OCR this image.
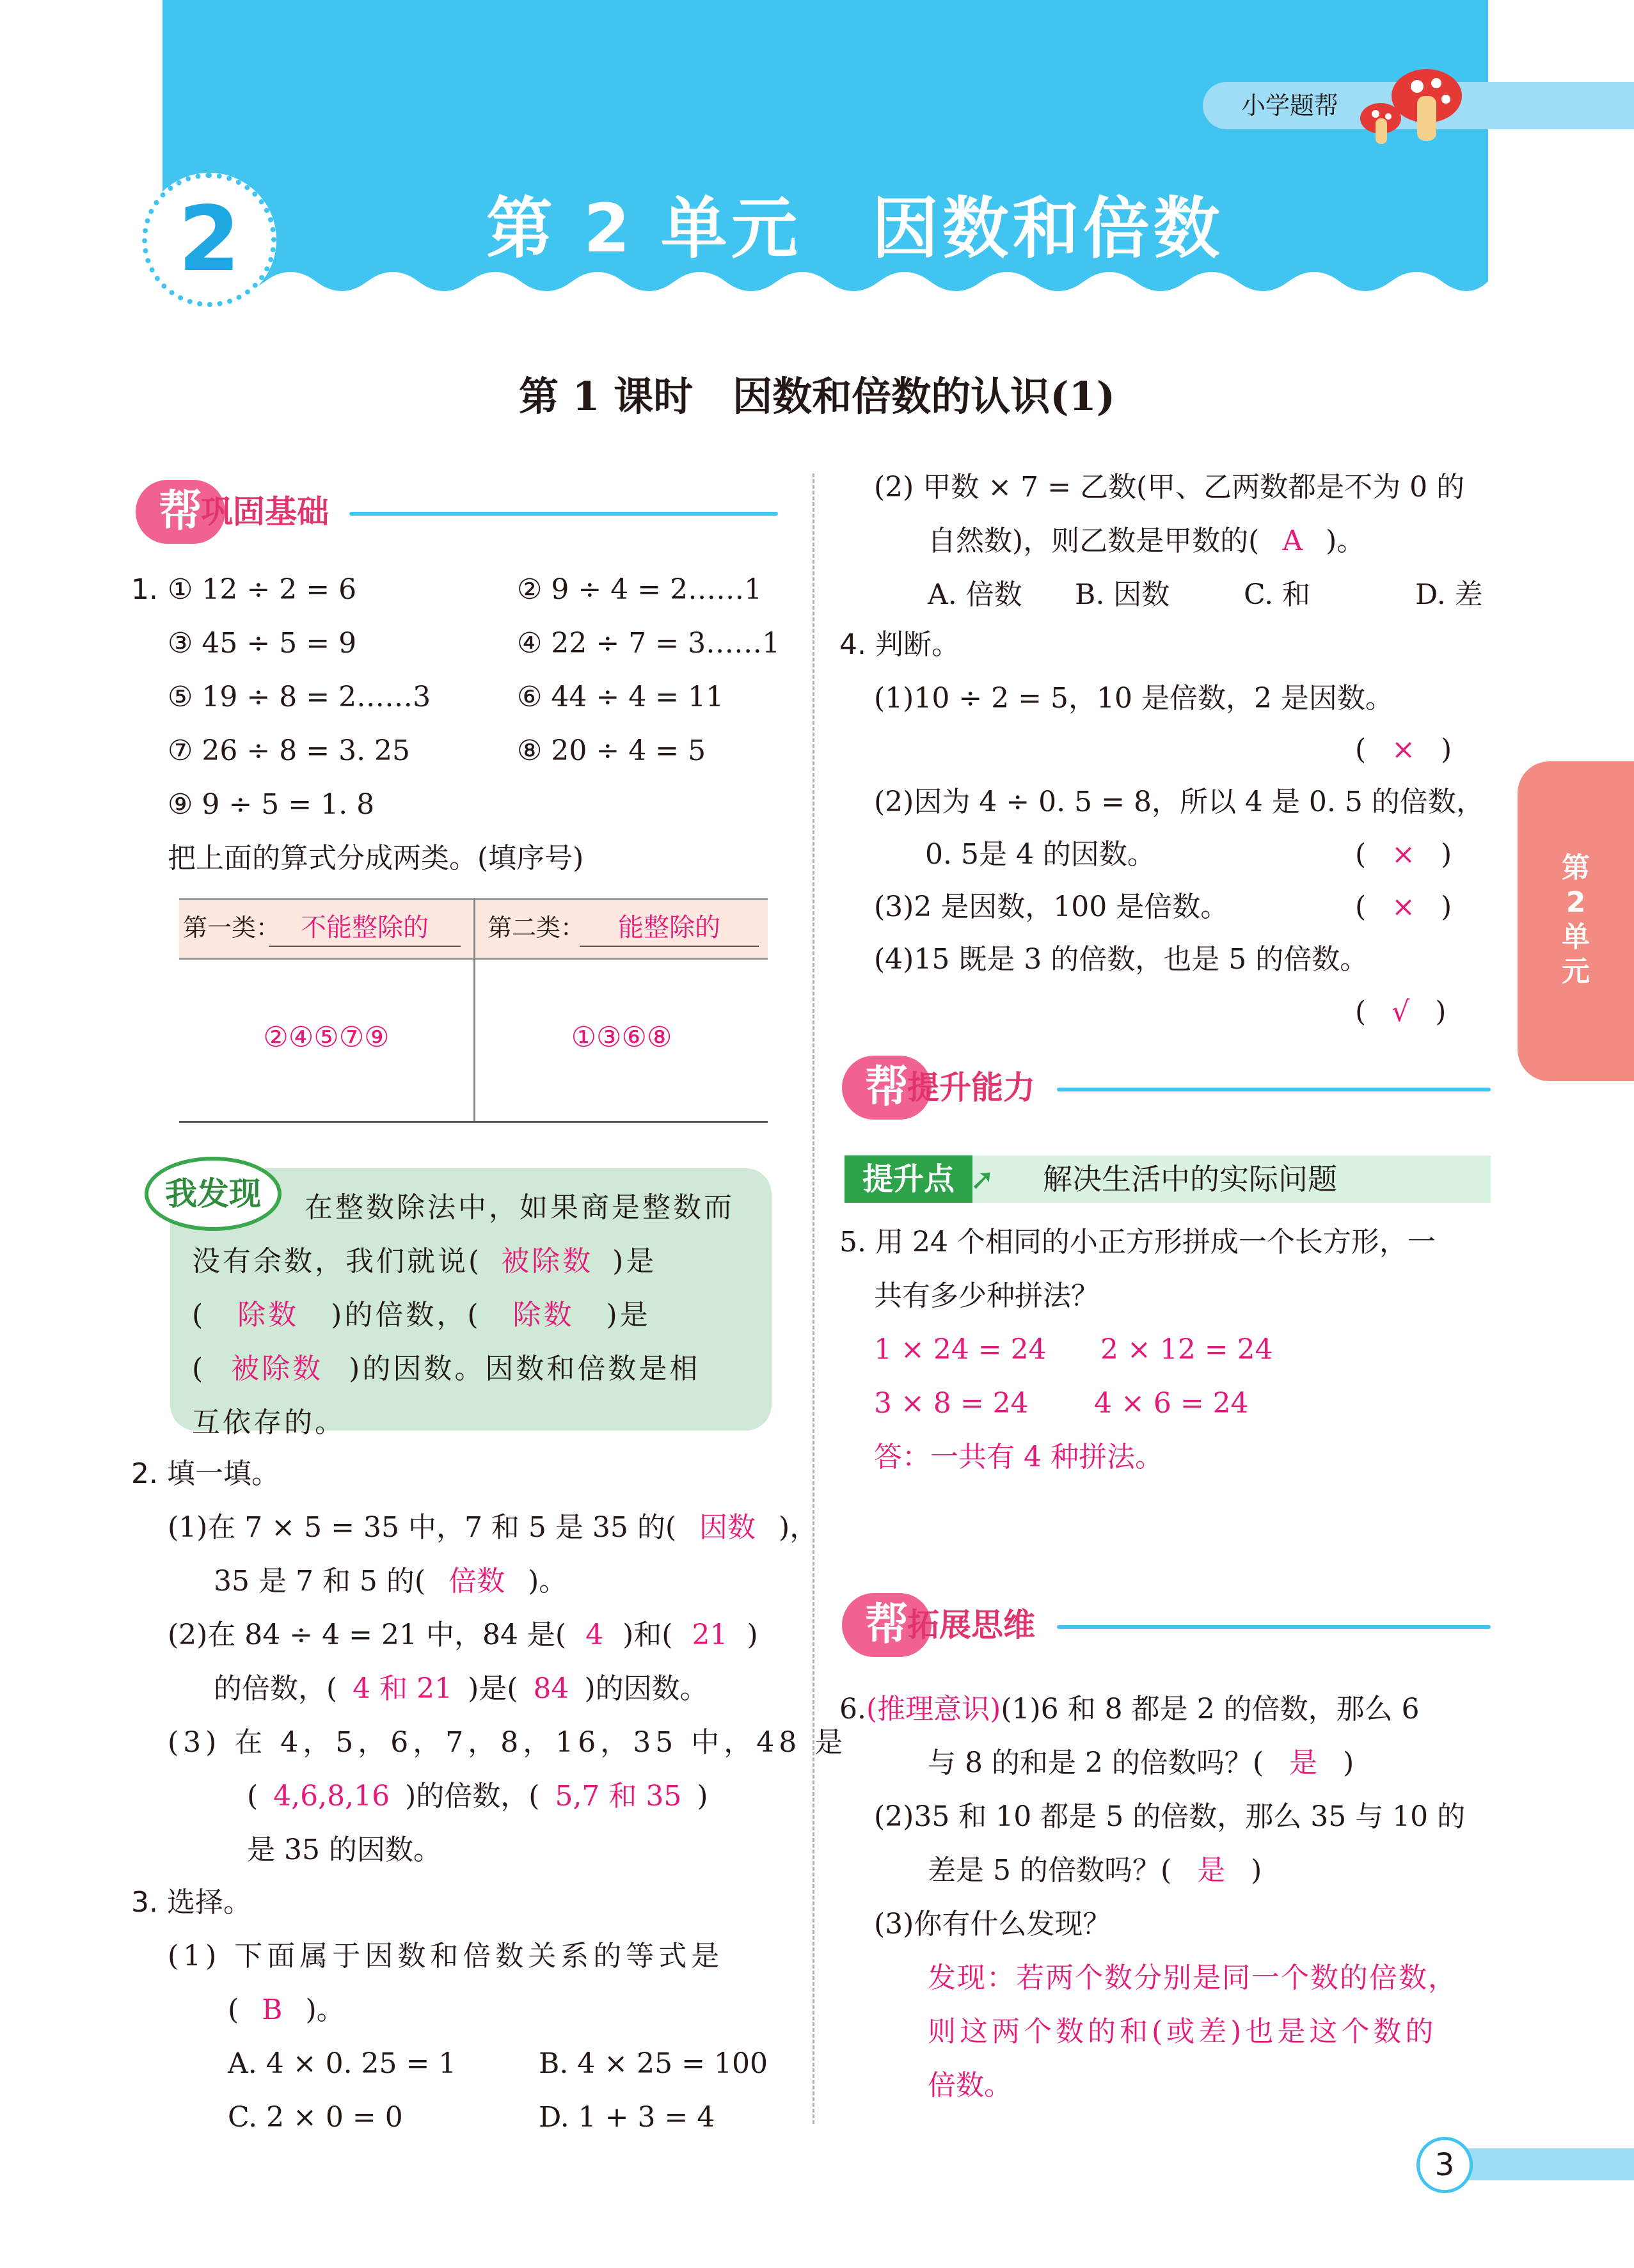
小学题帮
2	第 2 单元　因数和倍数
第 1 课时　因数和倍数的认识(1)
帮
巩固基础
1. ① 12 ÷ 2 = 6	② 9 ÷ 4 = 2……1
③ 45 ÷ 5 = 9	④ 22 ÷ 7 = 3……1
⑤ 19 ÷ 8 = 2……3	⑥ 44 ÷ 4 = 11
⑦ 26 ÷ 8 = 3. 25	⑧ 20 ÷ 4 = 5
⑨ 9 ÷ 5 = 1. 8
把上面的算式分成两类。(填序号)
第一类： 不能整除的	第二类：	能整除的
②④⑤⑦⑨	①③⑥⑧
我发现	在整数除法中，如果商是整数而
没有余数，我们就说( 被除数 )是
( 除数 )的倍数，( 除数 )是
( 被除数 )的因数。因数和倍数是相
互依存的。
2. 填一填。
(1)在 7 × 5 = 35 中，7 和 5 是 35 的( 因数 )，
35 是 7 和 5 的( 倍数 )。
(2)在 84 ÷ 4 = 21 中，84 是( 4 )和( 21 )
的倍数，( 4 和 21 )是( 84 )的因数。
(3) 在 4，5，6，7，8，16，35 中，48 是
( 4,6,8,16 )的倍数，( 5,7 和 35 )
是 35 的因数。
3. 选择。
(1) 下面属于因数和倍数关系的等式是
( B )。
A. 4 × 0. 25 = 1	B. 4 × 25 = 100
C. 2 × 0 = 0	D. 1 + 3 = 4
(2) 甲数 × 7 = 乙数(甲、乙两数都是不为 0 的
自然数)，则乙数是甲数的( A )。
A. 倍数 B. 因数	C. 和	D. 差
4. 判断。
(1)10 ÷ 2 = 5，10 是倍数，2 是因数。
( × )
(2)因为 4 ÷ 0. 5 = 8，所以 4 是 0. 5 的倍数，
0. 5是 4 的因数。	( × )
(3)2 是因数，100 是倍数。	( × )
(4)15 既是 3 的倍数，也是 5 的倍数。
( √ )
帮
提升能力
提升点 ➚ 解决生活中的实际问题
5. 用 24 个相同的小正方形拼成一个长方形，一
共有多少种拼法？
1 × 24 = 24 2 × 12 = 24
3 × 8 = 24 4 × 6 = 24
答：一共有 4 种拼法。
帮
拓展思维
6.(推理意识)(1)6 和 8 都是 2 的倍数，那么 6
与 8 的和是 2 的倍数吗？( 是 )
(2)35 和 10 都是 5 的倍数，那么 35 与 10 的
差是 5 的倍数吗？( 是 )
(3)你有什么发现？
发现：若两个数分别是同一个数的倍数，
则这两个数的和(或差)也是这个数的
倍数。
第
2
单
元
3
